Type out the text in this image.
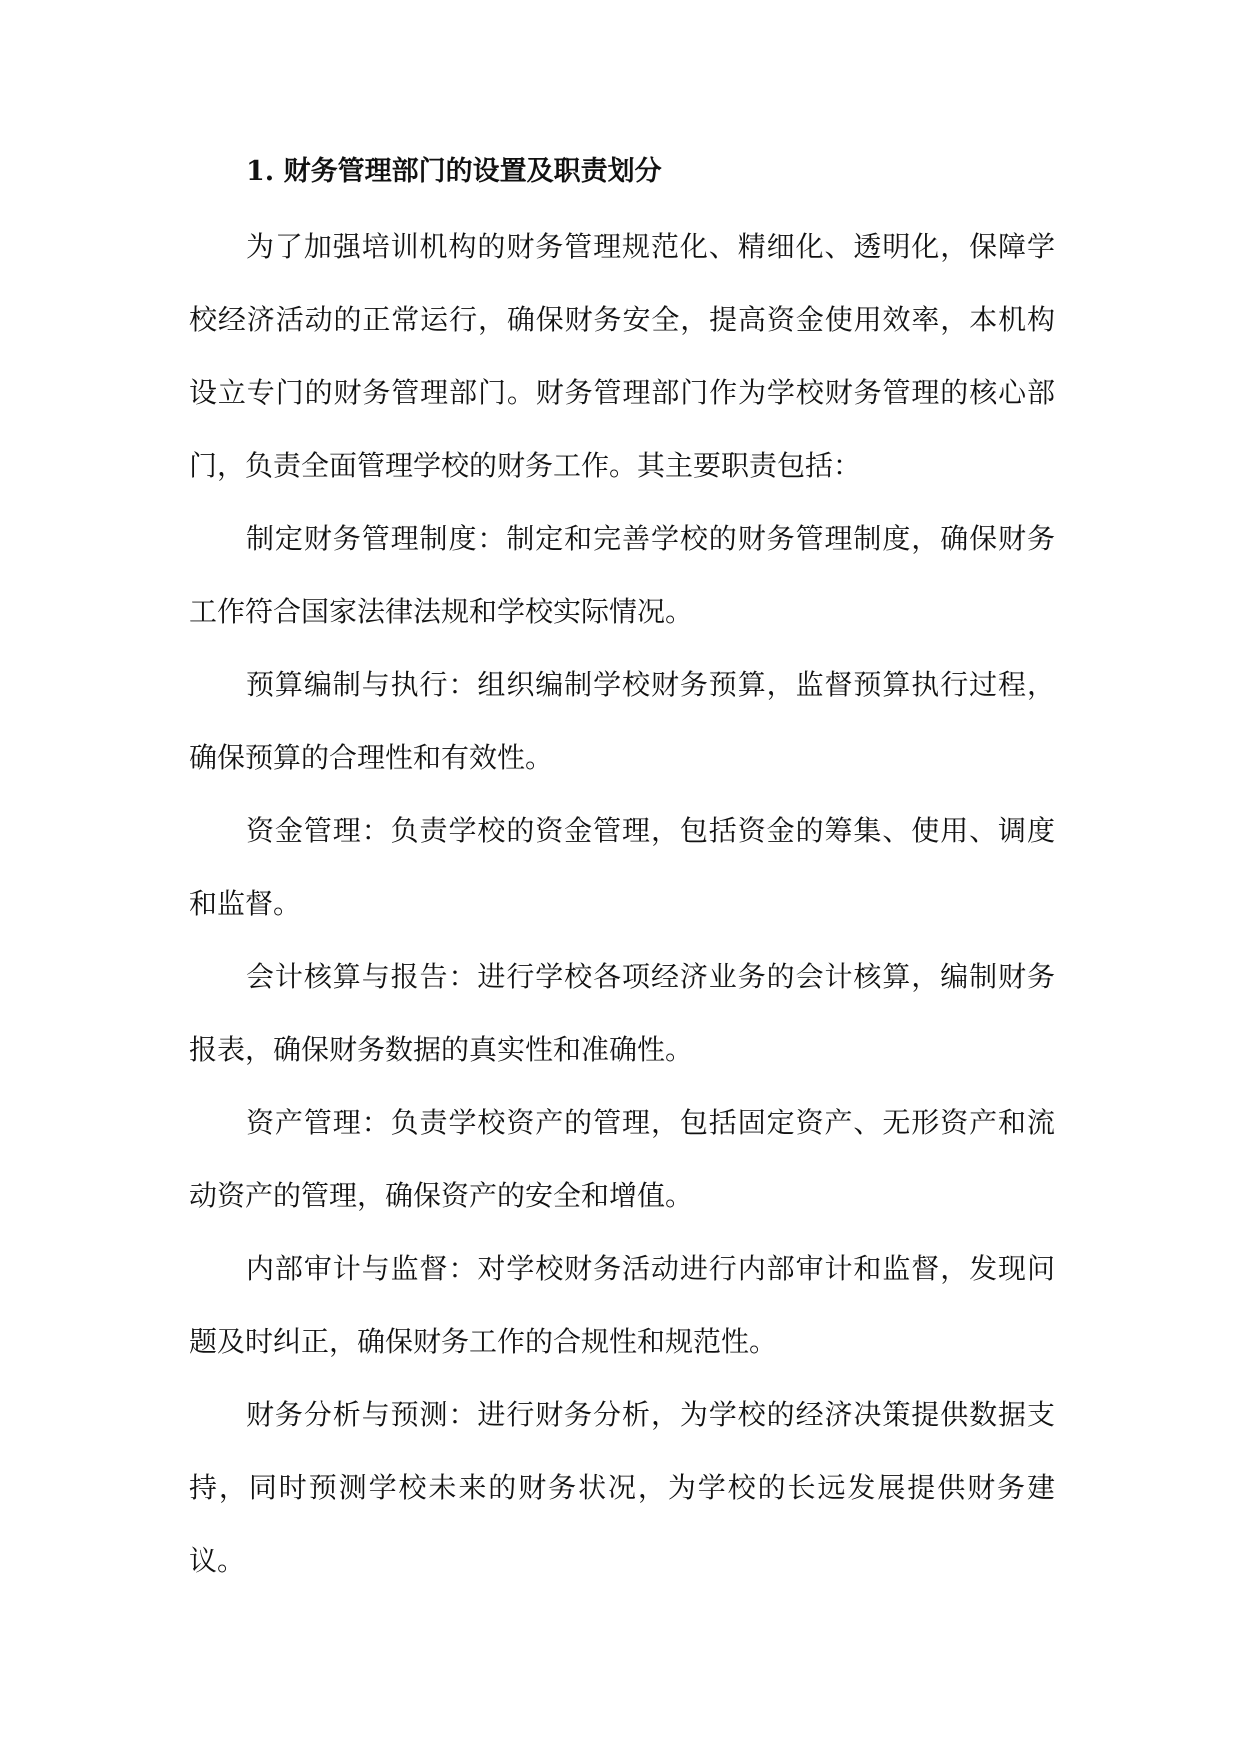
1. 财务管理部门的设置及职责划分

为了加强培训机构的财务管理规范化、精细化、透明化，保障学校经济活动的正常运行，确保财务安全，提高资金使用效率，本机构设立专门的财务管理部门。财务管理部门作为学校财务管理的核心部门，负责全面管理学校的财务工作。其主要职责包括：

制定财务管理制度：制定和完善学校的财务管理制度，确保财务工作符合国家法律法规和学校实际情况。

预算编制与执行：组织编制学校财务预算，监督预算执行过程，确保预算的合理性和有效性。

资金管理：负责学校的资金管理，包括资金的筹集、使用、调度和监督。

会计核算与报告：进行学校各项经济业务的会计核算，编制财务报表，确保财务数据的真实性和准确性。

资产管理：负责学校资产的管理，包括固定资产、无形资产和流动资产的管理，确保资产的安全和增值。

内部审计与监督：对学校财务活动进行内部审计和监督，发现问题及时纠正，确保财务工作的合规性和规范性。

财务分析与预测：进行财务分析，为学校的经济决策提供数据支持，同时预测学校未来的财务状况，为学校的长远发展提供财务建议。
